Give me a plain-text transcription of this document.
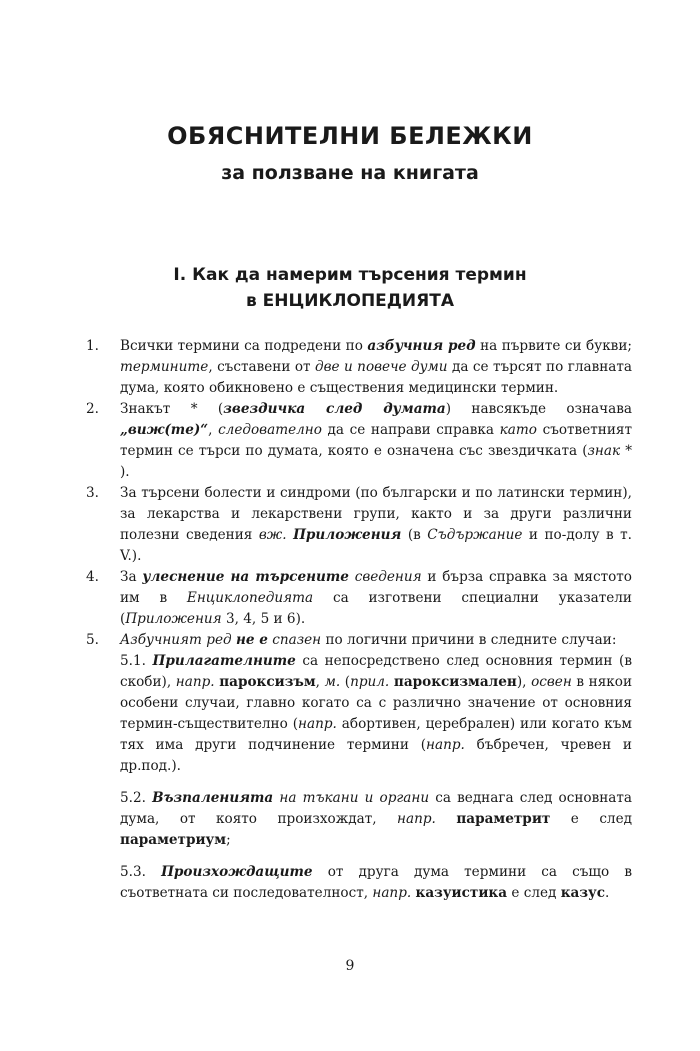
ОБЯСНИТЕЛНИ БЕЛЕЖКИ
за ползване на книгата
I. Как да намерим търсения термин
в ЕНЦИКЛОПЕДИЯТА
1.	Всички термини са подредени по азбучния ред на първите си букви; термините, съставени от две и повече думи да се търсят по главната дума, която обикновено е съществения медицински термин.
2.	Знакът * (звездичка след думата) навсякъде означава „виж(те)“, следователно да се направи справка като съответният термин се търси по думата, която е означена със звездичката (знак * ).
3.	За търсени болести и синдроми (по български и по латински термин), за лекарства и лекарствени групи, както и за други различни полезни сведения вж. Приложения (в Съдържание и по-долу в т. V.).
4.	За улеснение на търсените сведения и бърза справка за мястото им в Енциклопедията са изготвени специални указатели (Приложения 3, 4, 5 и 6).
5.	Азбучният ред не е спазен по логични причини в следните случаи:
5.1. Прилагателните са непосредствено след основния термин (в скоби), напр. пароксизъм, м. (прил. пароксизмален), освен в някои особени случаи, главно когато са с различно значение от основния термин-съществително (напр. абортивен, церебрален) или когато към тях има други подчинение термини (напр. бъбречен, чревен и др.под.).
5.2. Възпаленията на тъкани и органи са веднага след основната дума, от която произхождат, напр. параметрит е след параметриум;
5.3. Произхождащите от друга дума термини са също в съответната си последователност, напр. казуистика е след казус.
9
